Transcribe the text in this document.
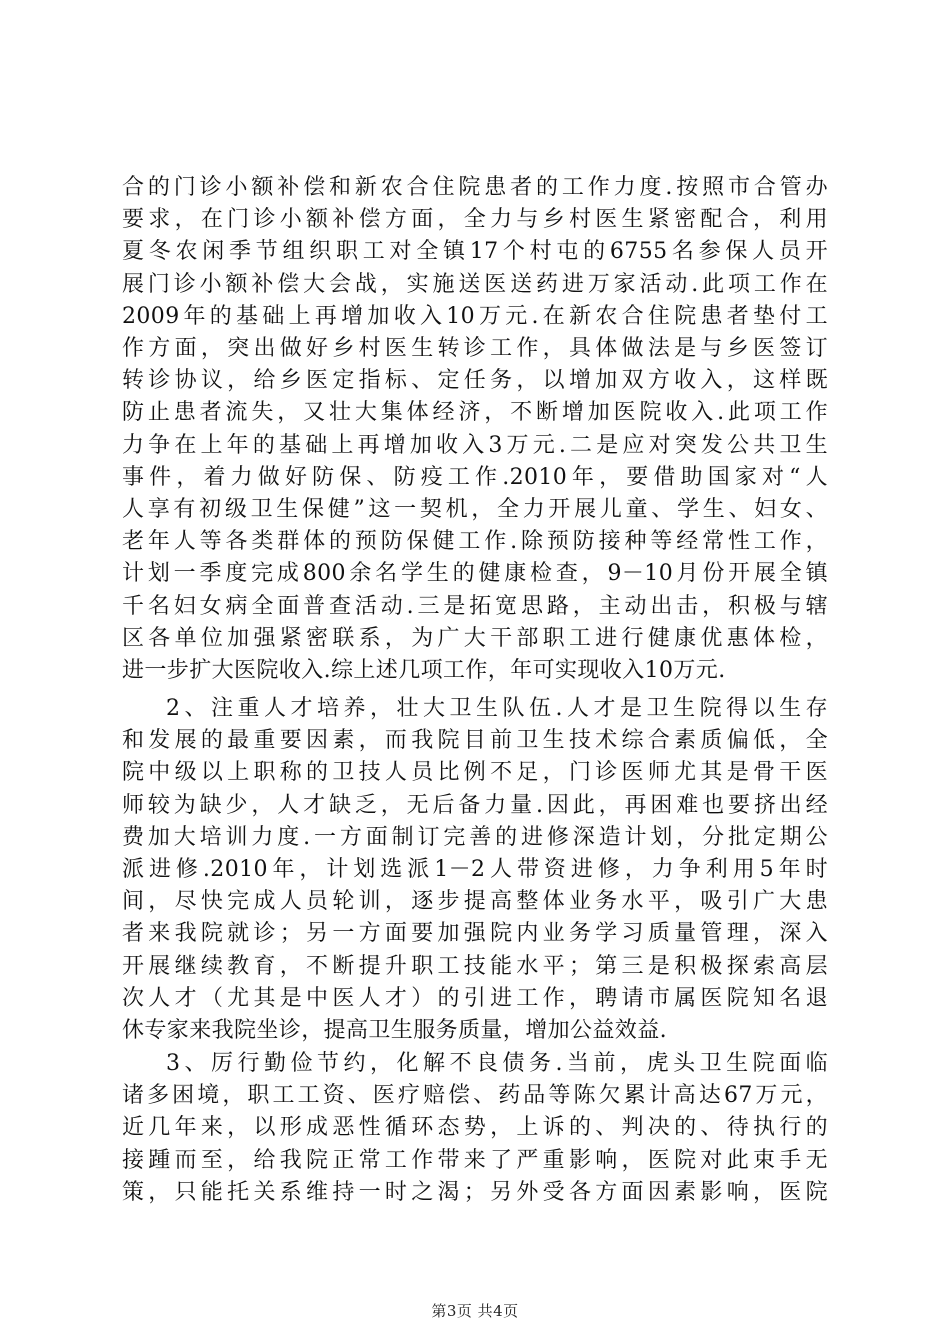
合的门诊小额补偿和新农合住院患者的工作力度.按照市合管办
要求，在门诊小额补偿方面，全力与乡村医生紧密配合，利用
夏冬农闲季节组织职工对全镇17个村屯的6755名参保人员开
展门诊小额补偿大会战，实施送医送药进万家活动.此项工作在
2009年的基础上再增加收入10万元.在新农合住院患者垫付工
作方面，突出做好乡村医生转诊工作，具体做法是与乡医签订
转诊协议，给乡医定指标、定任务，以增加双方收入，这样既
防止患者流失，又壮大集体经济，不断增加医院收入.此项工作
力争在上年的基础上再增加收入3万元.二是应对突发公共卫生
事件，着力做好防保、防疫工作.2010年，要借助国家对“人
人享有初级卫生保健”这一契机，全力开展儿童、学生、妇女、
老年人等各类群体的预防保健工作.除预防接种等经常性工作，
计划一季度完成800余名学生的健康检查，9－10月份开展全镇
千名妇女病全面普查活动.三是拓宽思路，主动出击，积极与辖
区各单位加强紧密联系，为广大干部职工进行健康优惠体检，
进一步扩大医院收入.综上述几项工作，年可实现收入10万元.
2、注重人才培养，壮大卫生队伍.人才是卫生院得以生存
和发展的最重要因素，而我院目前卫生技术综合素质偏低，全
院中级以上职称的卫技人员比例不足，门诊医师尤其是骨干医
师较为缺少，人才缺乏，无后备力量.因此，再困难也要挤出经
费加大培训力度.一方面制订完善的进修深造计划，分批定期公
派进修.2010年，计划选派1－2人带资进修，力争利用5年时
间，尽快完成人员轮训，逐步提高整体业务水平，吸引广大患
者来我院就诊；另一方面要加强院内业务学习质量管理，深入
开展继续教育，不断提升职工技能水平；第三是积极探索高层
次人才（尤其是中医人才）的引进工作，聘请市属医院知名退
休专家来我院坐诊，提高卫生服务质量，增加公益效益.
3、厉行勤俭节约，化解不良债务.当前，虎头卫生院面临
诸多困境，职工工资、医疗赔偿、药品等陈欠累计高达67万元，
近几年来，以形成恶性循环态势，上诉的、判决的、待执行的
接踵而至，给我院正常工作带来了严重影响，医院对此束手无
策，只能托关系维持一时之渴；另外受各方面因素影响，医院
第3页 共4页
